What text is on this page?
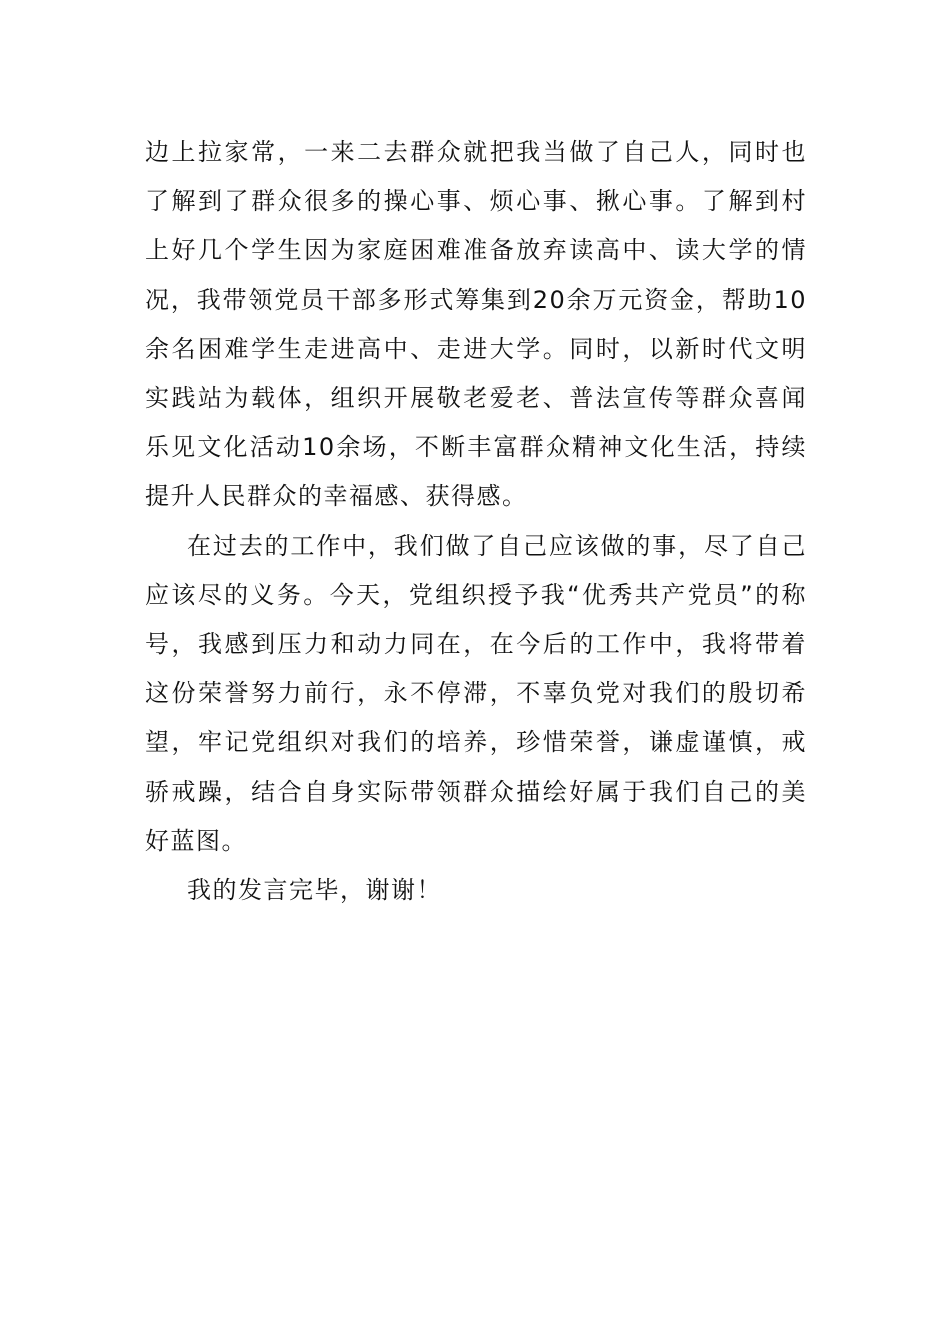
边上拉家常，一来二去群众就把我当做了自己人，同时也了解到了群众很多的操心事、烦心事、揪心事。了解到村上好几个学生因为家庭困难准备放弃读高中、读大学的情况，我带领党员干部多形式筹集到20余万元资金，帮助10余名困难学生走进高中、走进大学。同时，以新时代文明实践站为载体，组织开展敬老爱老、普法宣传等群众喜闻乐见文化活动10余场，不断丰富群众精神文化生活，持续提升人民群众的幸福感、获得感。

在过去的工作中，我们做了自己应该做的事，尽了自己应该尽的义务。今天，党组织授予我“优秀共产党员”的称号，我感到压力和动力同在，在今后的工作中，我将带着这份荣誉努力前行，永不停滞，不辜负党对我们的殷切希望，牢记党组织对我们的培养，珍惜荣誉，谦虚谨慎，戒骄戒躁，结合自身实际带领群众描绘好属于我们自己的美好蓝图。

我的发言完毕，谢谢！
